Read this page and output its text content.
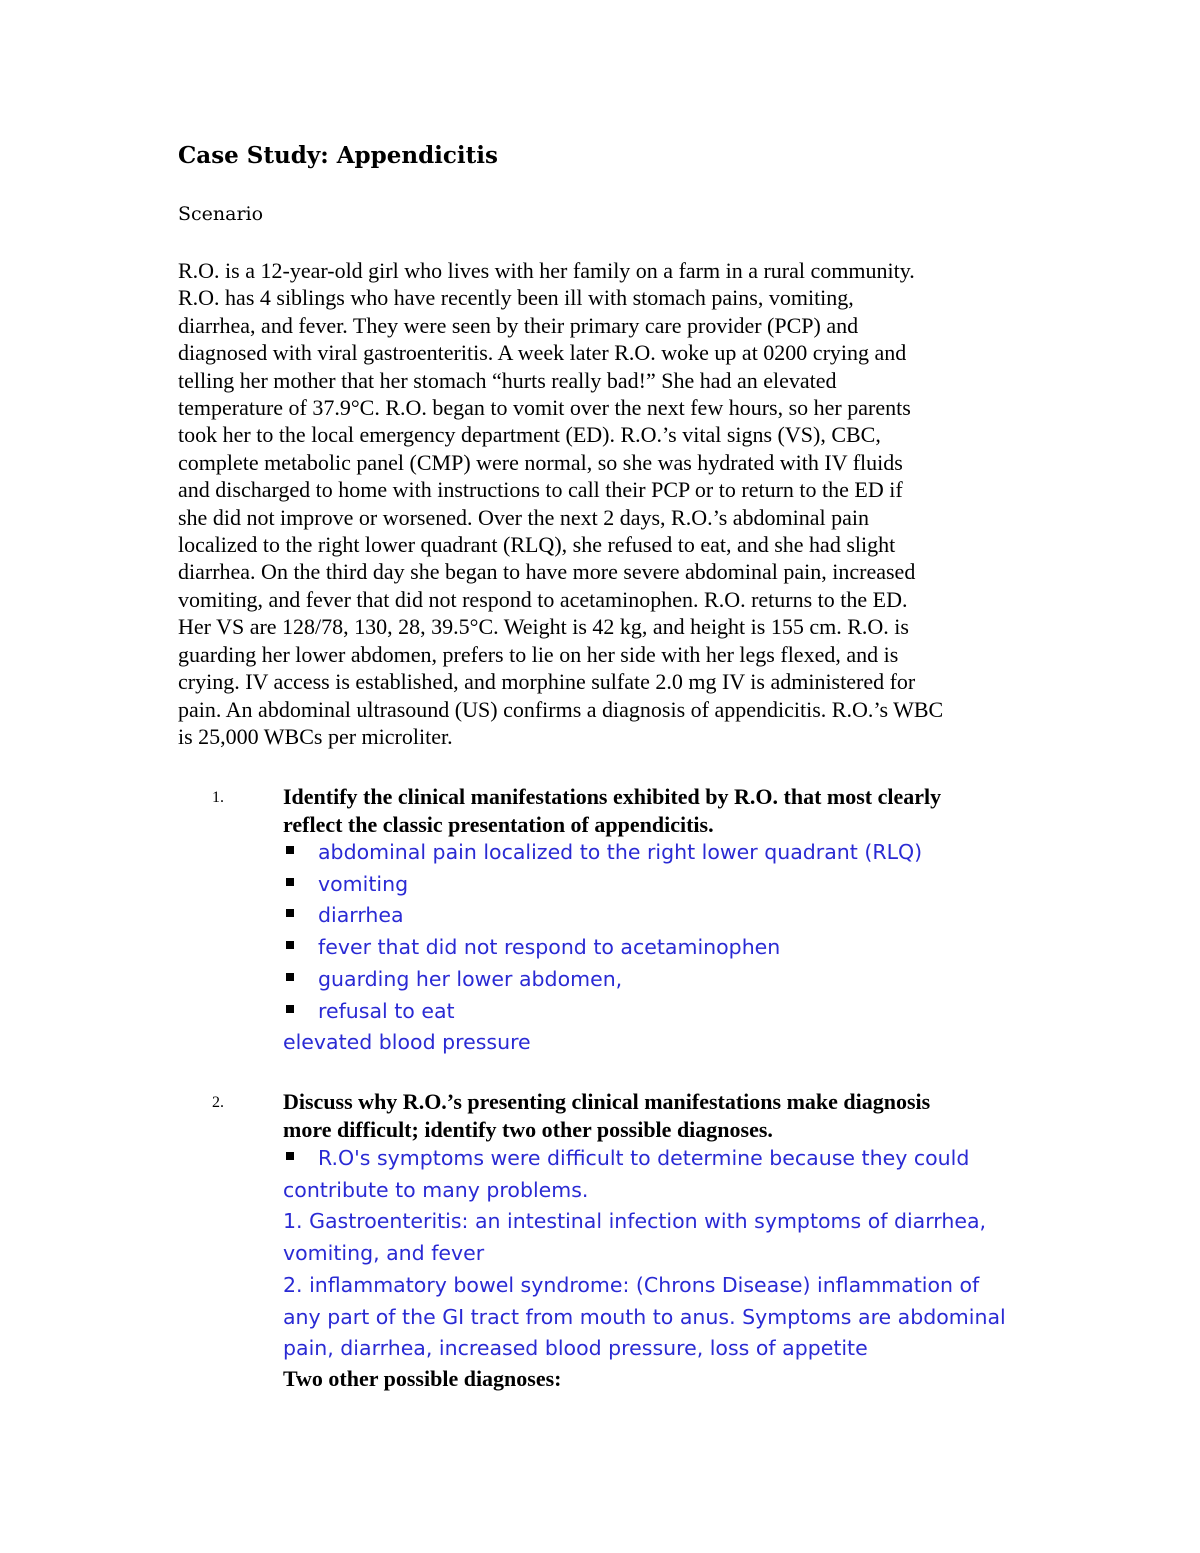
Case Study: Appendicitis
Scenario
R.O. is a 12-year-old girl who lives with her family on a farm in a rural community.
R.O. has 4 siblings who have recently been ill with stomach pains, vomiting,
diarrhea, and fever. They were seen by their primary care provider (PCP) and
diagnosed with viral gastroenteritis. A week later R.O. woke up at 0200 crying and
telling her mother that her stomach “hurts really bad!” She had an elevated
temperature of 37.9°C. R.O. began to vomit over the next few hours, so her parents
took her to the local emergency department (ED). R.O.’s vital signs (VS), CBC,
complete metabolic panel (CMP) were normal, so she was hydrated with IV fluids
and discharged to home with instructions to call their PCP or to return to the ED if
she did not improve or worsened. Over the next 2 days, R.O.’s abdominal pain
localized to the right lower quadrant (RLQ), she refused to eat, and she had slight
diarrhea. On the third day she began to have more severe abdominal pain, increased
vomiting, and fever that did not respond to acetaminophen. R.O. returns to the ED.
Her VS are 128/78, 130, 28, 39.5°C. Weight is 42 kg, and height is 155 cm. R.O. is
guarding her lower abdomen, prefers to lie on her side with her legs flexed, and is
crying. IV access is established, and morphine sulfate 2.0 mg IV is administered for
pain. An abdominal ultrasound (US) confirms a diagnosis of appendicitis. R.O.’s WBC
is 25,000 WBCs per microliter.
1.	Identify the clinical manifestations exhibited by R.O. that most clearly
reflect the classic presentation of appendicitis.
abdominal pain localized to the right lower quadrant (RLQ)
vomiting
diarrhea
fever that did not respond to acetaminophen
guarding her lower abdomen,
refusal to eat
elevated blood pressure
2.	Discuss why R.O.’s presenting clinical manifestations make diagnosis
more difficult; identify two other possible diagnoses.
R.O's symptoms were difficult to determine because they could
contribute to many problems.
1. Gastroenteritis: an intestinal infection with symptoms of diarrhea,
vomiting, and fever
2. inflammatory bowel syndrome: (Chrons Disease) inflammation of
any part of the GI tract from mouth to anus. Symptoms are abdominal
pain, diarrhea, increased blood pressure, loss of appetite
Two other possible diagnoses:
